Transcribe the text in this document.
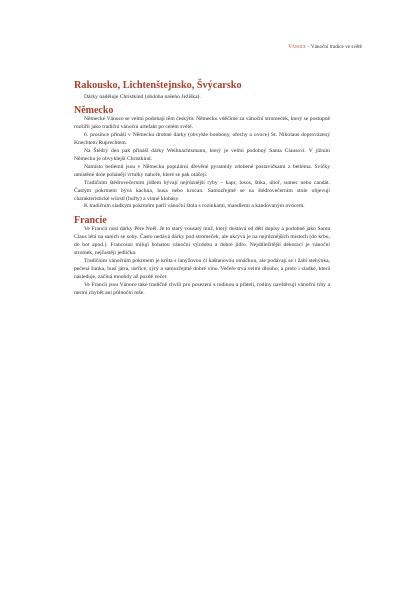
Vánoce – Vánoční tradice ve světě
Rakousko, Lichtenštejnsko, Švýcarsko

Dárky naděluje Christkind (obdoba našeho Ježíška).

Německo

Německé Vánoce se velmi podobají těm českým. Německu vděčíme za vánoční stromeček, který se postupně rozšířil jako tradiční vánoční artefakt po celém světě.

6. prosince přináší v Německu drobné dárky (obvykle bonbony, ořechy a ovoce) St. Nikolaus doprovázený Knechtem Ruprechtem.

Na Štědrý den pak přináší dárky Weihnachtsmann, který je velmi podobný Santa Clausovi. V jižním Německu je obvyklejší Christkind.

Namísto betlémů jsou v Německu populární dřevěné pyramidy zdobené postavičkami z betléma. Svíčky umístěné dole pohánějí vrtulky nahoře, které se pak otáčejí.

Tradičním štědrovečerním jídlem bývají nejrůznější ryby – kapr, losos, štika, úhoř, sumec nebo candát. Častým pokrmem bývá kachna, husa nebo krocan. Samozřejmě se na štědrovečerním stole objevují charakteristické würstl (buřty) a vinné klobásy.

K tradičním sladkým pokrmům patří vánoční štola s rozinkami, mandlemi a kandovaným ovocem.

Francie

Ve Francii nosí dárky Père Noël. Je to starý vousatý muž, který dostává od dětí dopisy a podobně jako Santa Claus létá na saních se soby. Často nedává dárky pod stromeček, ale ukrývá je na nejrůznějších místech (do krbu, do bot apod.). Francouzi milují bohatou vánoční výzdobu a dobré jídlo. Nejdůležitější dekorací je vánoční stromek, nejčastěji jedlička.

Tradičním vánočním pokrmem je krůta s lanýžovou či kaštanovou omáčkou, ale podávají se i žabí stehýnka, pečená šunka, husí játra, ústřice, sýry a samozřejmě dobré víno. Večeře trvá velmi dlouho, a proto i sladké, která následuje, začíná mnohdy až pozdě večer.

Ve Francii jsou Vánoce také tradičně chvílí pro posezení s rodinou a přáteli, rodiny navštěvují vánoční trhy a nesmí chybět ani půlnoční mše.
